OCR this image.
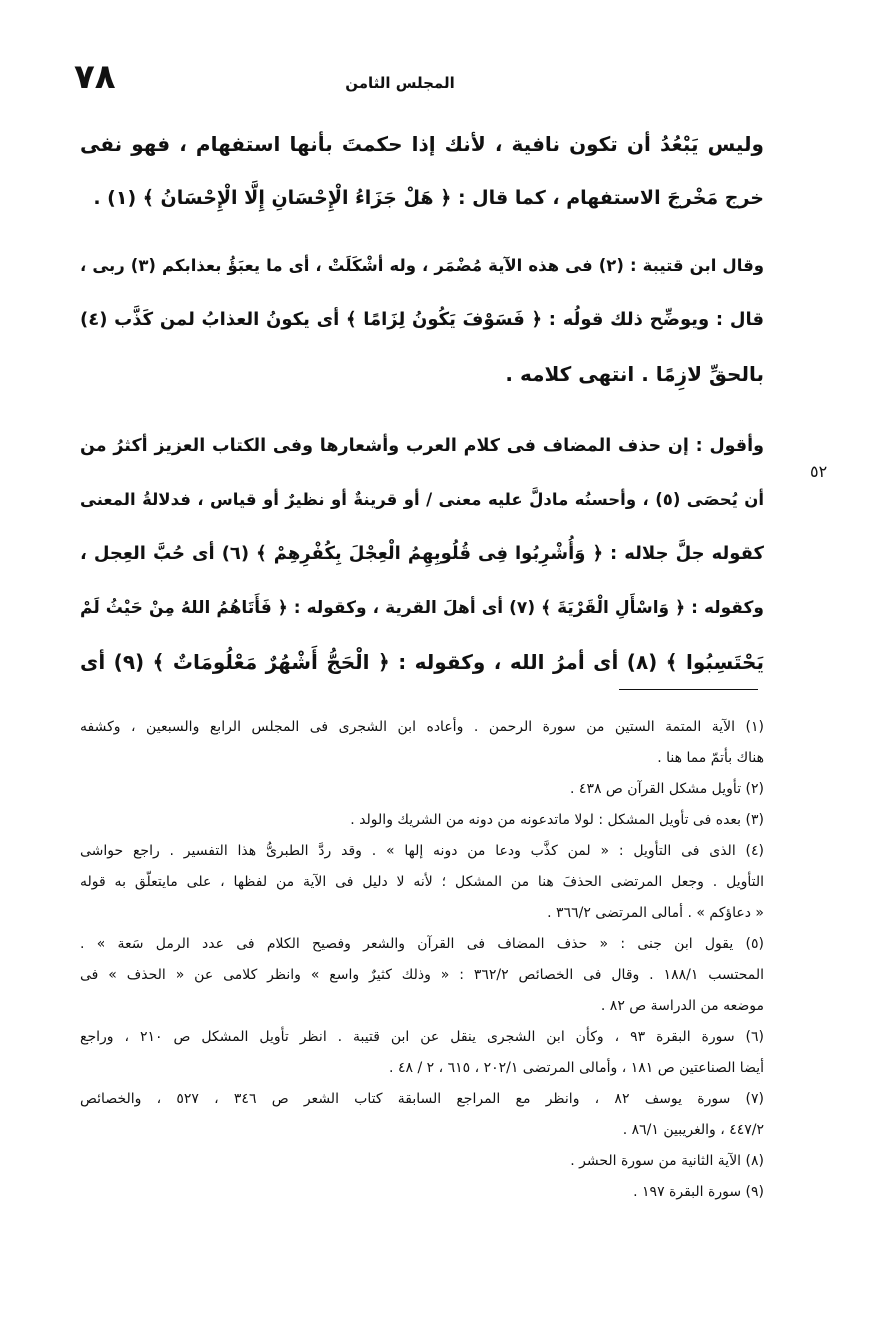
٧٨	المجلس الثامن
وليس يَبْعُدُ أن تكون نافية ، لأنك إذا حكمتَ بأنها استفهام ، فهو نفى
خرج مَخْرجَ الاستفهام ، كما قال : ﴿ هَلْ جَزَاءُ الْإِحْسَانِ إِلَّا الْإِحْسَانُ ﴾ (١) .
وقال ابن قتيبة : (٢) فى هذه الآية مُضْمَر ، وله أشْكَلَتْ ، أى ما يعبَؤُ بعذابكم (٣) ربى ،
قال : ويوضِّح ذلك قولُه : ﴿ فَسَوْفَ يَكُونُ لِزَامًا ﴾ أى يكونُ العذابُ لمن كَذَّب (٤)
بالحقِّ لازِمًا . انتهى كلامه .
وأقول : إن حذف المضاف فى كلام العرب وأشعارها وفى الكتاب العزيز أكثرُ من
أن يُحصَى (٥) ، وأحسنُه مادلَّ عليه معنى / أو قرينةٌ أو نظيرٌ أو قياس ، فدلالةُ المعنى
كقوله جلَّ جلاله : ﴿ وَأُشْرِبُوا فِى قُلُوبِهِمُ الْعِجْلَ بِكُفْرِهِمْ ﴾ (٦) أى حُبَّ العِجل ،
وكقوله : ﴿ وَاسْأَلِ الْقَرْيَةَ ﴾ (٧) أى أهلَ القرية ، وكقوله : ﴿ فَأَتَاهُمُ اللهُ مِنْ حَيْثُ لَمْ
يَحْتَسِبُوا ﴾ (٨) أى أمرُ الله ، وكقوله : ﴿ الْحَجُّ أَشْهُرٌ مَعْلُومَاتٌ ﴾ (٩) أى
٥٢
(١) الآية المتمة الستين من سورة الرحمن . وأعاده ابن الشجرى فى المجلس الرابع والسبعين ، وكشفه
هناك بأتمّ مما هنا .
(٢) تأويل مشكل القرآن ص ٤٣٨ .
(٣) بعده فى تأويل المشكل : لولا ماتدعونه من دونه من الشريك والولد .
(٤) الذى فى التأويل : « لمن كذَّب ودعا من دونه إلها » . وقد ردَّ الطبرىُّ هذا التفسير . راجع حواشى
التأويل . وجعل المرتضى الحذفَ هنا من المشكل ؛ لأنه لا دليل فى الآية من لفظها ، على مايتعلّق به قوله
« دعاؤكم » . أمالى المرتضى ٣٦٦/٢ .
(٥) يقول ابن جنى : « حذف المضاف فى القرآن والشعر وفصيح الكلام فى عدد الرمل سَعة » .
المحتسب ١٨٨/١ . وقال فى الخصائص ٣٦٢/٢ : « وذلك كثيرٌ واسع » وانظر كلامى عن « الحذف » فى
موضعه من الدراسة ص ٨٢ .
(٦) سورة البقرة ٩٣ ، وكأن ابن الشجرى ينقل عن ابن قتيبة . انظر تأويل المشكل ص ٢١٠ ، وراجع
أيضا الصناعتين ص ١٨١ ، وأمالى المرتضى ٢٠٢/١ ، ٦١٥ ، ٢ / ٤٨ .
(٧) سورة يوسف ٨٢ ، وانظر مع المراجع السابقة كتاب الشعر ص ٣٤٦ ، ٥٢٧ ، والخصائص
٤٤٧/٢ ، والغريبين ٨٦/١ .
(٨) الآية الثانية من سورة الحشر .
(٩) سورة البقرة ١٩٧ .
